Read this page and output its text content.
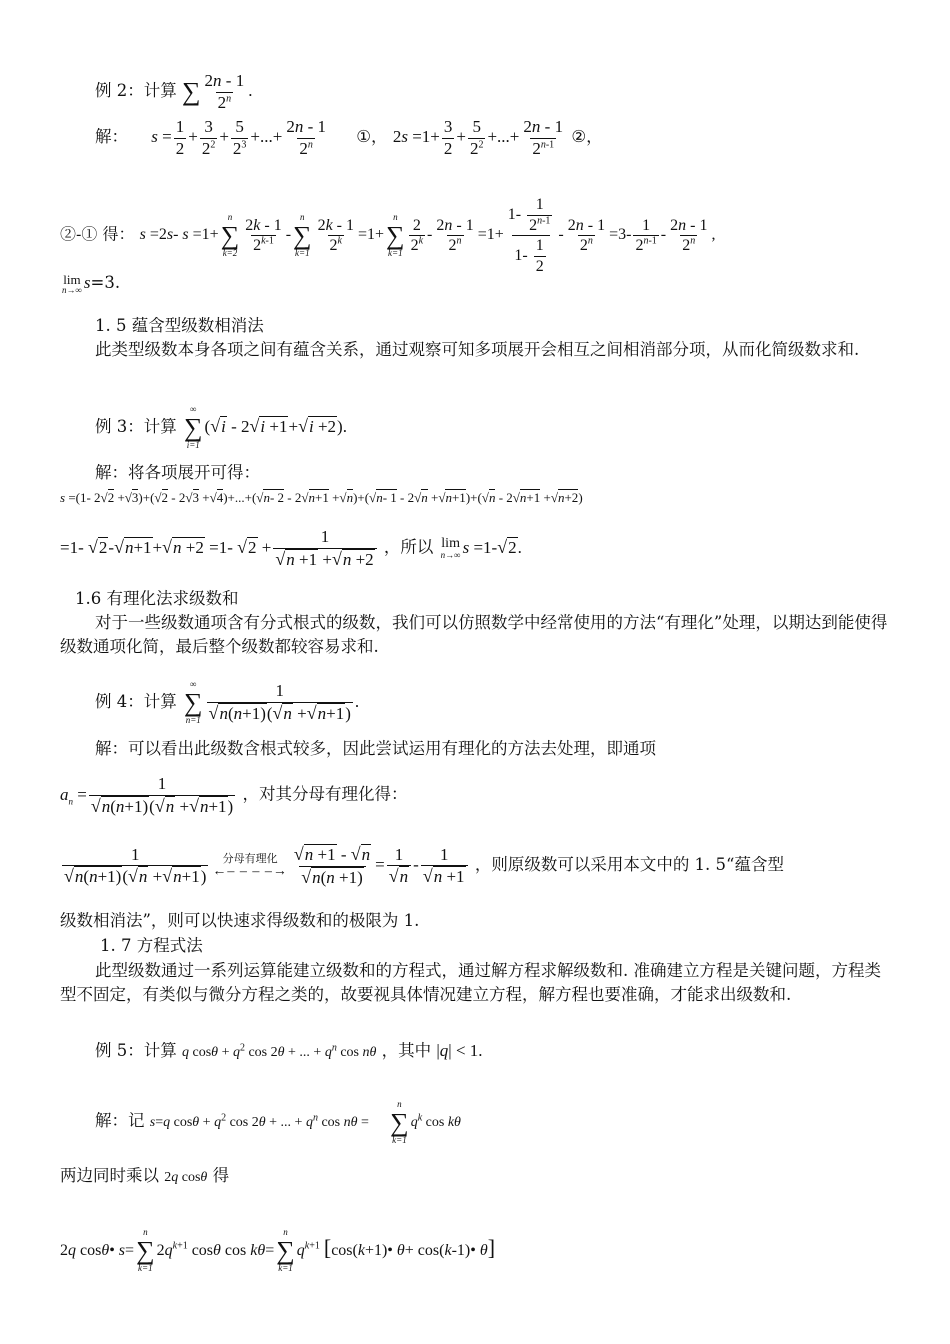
例 2：计算 ∑ $\frac{2n - 1}{2^n}$ .
解： $s = \frac{1}{2} + \frac{3}{2^2} + \frac{5}{2^3}$ +...+ $\frac{2n - 1}{2^n}$ ①， $2s =1+ \frac{3}{2} + \frac{5}{2^2}$ +...+ $\frac{2n - 1}{2^{n-1}}$ ②，
②-① 得： s =2s- s =1+
n
∑
$k=2 \frac{2k - 1}{2^{k-1}}$ -
n
∑
$k=1 \frac{2k - 1}{2^k} =1+$
n
∑
$k=1 \frac{2}{2^k} - \frac{2n - 1}{2^n} =1+ \frac{1- \frac{1}{2^{n-1}}}{1- \frac{1}{2}} - \frac{2n - 1}{2^n} =3- \frac{1}{2^{n-1}} - \frac{2n - 1}{2^n}$ ,
lim
n→∞ s=3.
1. 5 蕴含型级数相消法
此类型级数本身各项之间有蕴含关系，通过观察可知多项展开会相互之间相消部分项，从而化简级数求和.
例 3：计算
∞
∑
i=1
(√i - 2√i +1+√i +2).
解：将各项展开可得：
s =(1- 2√2 +√3)+(√2 - 2√3 +√4)+...+(√n- 2 - 2√n+1 +√n)+(√n- 1 - 2√n +√n+1)+(√n - 2√n+1 +√n+2)
=1- √2-√n+1+√n +2 =1- $√2 + \frac{1}{√n +1 +√n +2}$ ，所以 lim
n→∞ s =1-√2.
1.6 有理化法求级数和
对于一些级数通项含有分式根式的级数，我们可以仿照数学中经常使用的方法“有理化”处理，以期达到能使得级数通项化简，最后整个级数都较容易求和.
例 4：计算
∞
∑
$n=1 \frac{1}{√n(n+1)(√n +√n+1)}$ .
解：可以看出此级数含根式较多，因此尝试运用有理化的方法去处理，即通项
$a_n = \frac{1}{√n(n+1)(√n +√n+1)}$ ，对其分母有理化得：
$\frac{1}{√n(n+1)(√n +√n+1)}$ 分母有理化
←– – – –→ $\frac{√n +1 - √n}{√n(n +1)} = \frac{1}{√n} - \frac{1}{√n +1}$ ，则原级数可以采用本文中的 1. 5“蕴含型
级数相消法”，则可以快速求得级数和的极限为 1.
1. 7 方程式法
此型级数通过一系列运算能建立级数和的方程式，通过解方程求解级数和. 准确建立方程是关键问题，方程类型不固定，有类似与微分方程之类的，故要视具体情况建立方程，解方程也要准确，才能求出级数和.
例 5：计算 q $\cos\theta + q^2$ cos 2θ + ... + $q^n$ cos nθ ，其中 |q| < 1.
解：记 s=q $\cos\theta + q^2$ cos 2θ + ... + $q^n$ cos nθ =
n
∑
k=1
$q^k$ cos kθ
两边同时乘以 2q cosθ 得
2q cosθ• s=
n
∑
k=1
$2q^{k+1}$ cosθ cos kθ=
n
∑
k=1
$q^{k+1}$ [cos(k+1)• θ+ cos(k-1)• θ]
